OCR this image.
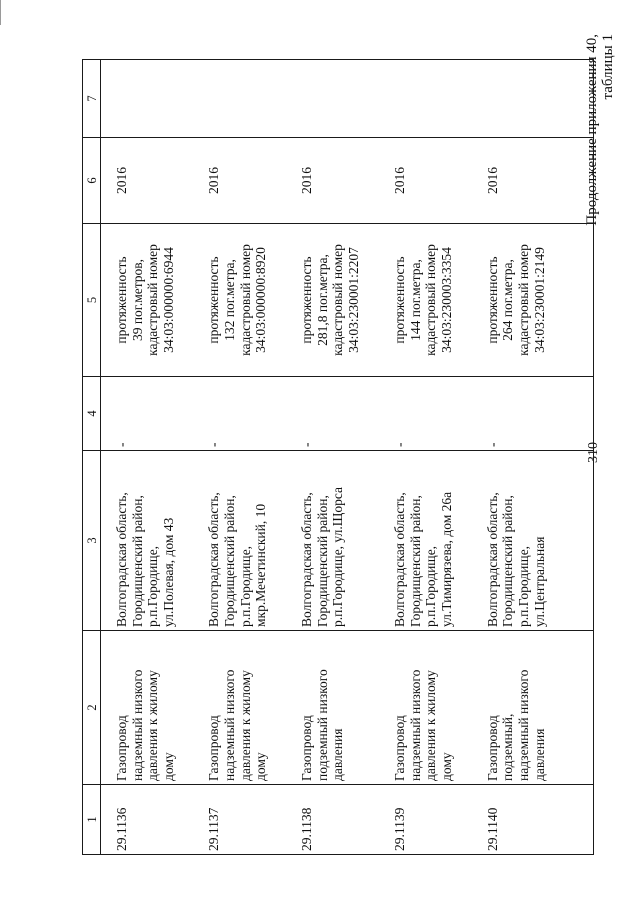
310
Продолжение приложения 40,
таблицы 1
1	2	3	4	5	6	7
29.1136	Газопровод
надземный низкого
давления к жилому
дому	Волгоградская область,
Городищенский район,
р.п.Городище,
ул.Полевая, дом 43	-	протяженность
39 пог.метров,
кадастровый номер
34:03:000000:6944	2016	
29.1137	Газопровод
надземный низкого
давления к жилому
дому	Волгоградская область,
Городищенский район,
р.п.Городище,
мкр.Мечетинский, 10	-	протяженность
132 пог.метра,
кадастровый номер
34:03:000000:8920	2016	
29.1138	Газопровод
подземный низкого
давления	Волгоградская область,
Городищенский район,
р.п.Городище, ул.Щорса	-	протяженность
281,8 пог.метра,
кадастровый номер
34:03:230001:2207	2016	
29.1139	Газопровод
надземный низкого
давления к жилому
дому	Волгоградская область,
Городищенский район,
р.п.Городище,
ул.Тимирязева, дом 26а	-	протяженность
144 пог.метра,
кадастровый номер
34:03:230003:3354	2016	
29.1140	Газопровод
подземный,
надземный низкого
давления	Волгоградская область,
Городищенский район,
р.п.Городище,
ул.Центральная	-	протяженность
264 пог.метра,
кадастровый номер
34:03:230001:2149	2016	
